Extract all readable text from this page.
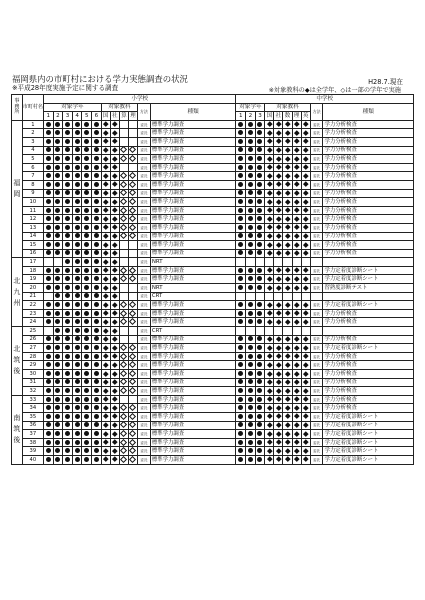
福岡県内の市町村における学力実態調査の状況	H28.7.現在
※平成28年度実施予定に関する調査	※対象教科の◆は全学年、◇は一部の学年で実施
事務所	市町村名	小学校												中学校									
		対象学年						対象教科				方法	種類	対象学年			対象教科					方法	種類
		1	2	3	4	5	6	国	社	算	理			1	2	3	国	社	数	理	英		
福岡	1											委託	標準学力調査									委託	学力分析検査
	2											委託	標準学力調査									委託	学力分析検査
	3											委託	標準学力調査									委託	学力分析検査
	4											委託	標準学力調査									委託	学力分析検査
	5											委託	標準学力調査									委託	学力分析検査
	6											委託	標準学力調査									委託	学力分析検査
	7											委託	標準学力調査									委託	学力分析検査
	8											委託	標準学力調査									委託	学力分析検査
	9											委託	標準学力調査									委託	学力分析検査
	10											委託	標準学力調査									委託	学力分析検査
	11											委託	標準学力調査									委託	学力分析検査
	12											委託	標準学力調査									委託	学力分析検査
	13											委託	標準学力調査									委託	学力分析検査
	14											委託	標準学力調査									委託	学力分析検査
	15											委託	標準学力調査									委託	学力分析検査
	16											委託	標準学力調査									委託	学力分析検査
北九州	17											委託	NRT										
	18											委託	標準学力調査									委託	学力定着度診断シート
	19											委託	標準学力調査									委託	学力定着度診断シート
	20											委託	NRT									委託	習熟度診断テスト
	21											委託	CRT										
	22											委託	標準学力調査									委託	学力定着度診断シート
	23											委託	標準学力調査									委託	学力分析検査
	24											委託	標準学力調査									委託	学力分析検査
北筑後	25											委託	CRT										
	26											委託	標準学力調査									委託	学力分析検査
	27											委託	標準学力調査									委託	学力定着度診断シート
	28											委託	標準学力調査									委託	学力分析検査
	29											委託	標準学力調査									委託	学力分析検査
	30											委託	標準学力調査									委託	学力分析検査
	31											委託	標準学力調査									委託	学力分析検査
	32											委託	標準学力調査									委託	学力分析検査
南筑後	33											委託	標準学力調査									委託	学力分析検査
	34											委託	標準学力調査									委託	学力分析検査
	35											委託	標準学力調査									委託	学力定着度診断シート
	36											委託	標準学力調査									委託	学力定着度診断シート
	37											委託	標準学力調査									委託	学力定着度診断シート
	38											委託	標準学力調査									委託	学力定着度診断シート
	39											委託	標準学力調査									委託	学力定着度診断シート
	40											委託	標準学力調査									委託	学力定着度診断シート
